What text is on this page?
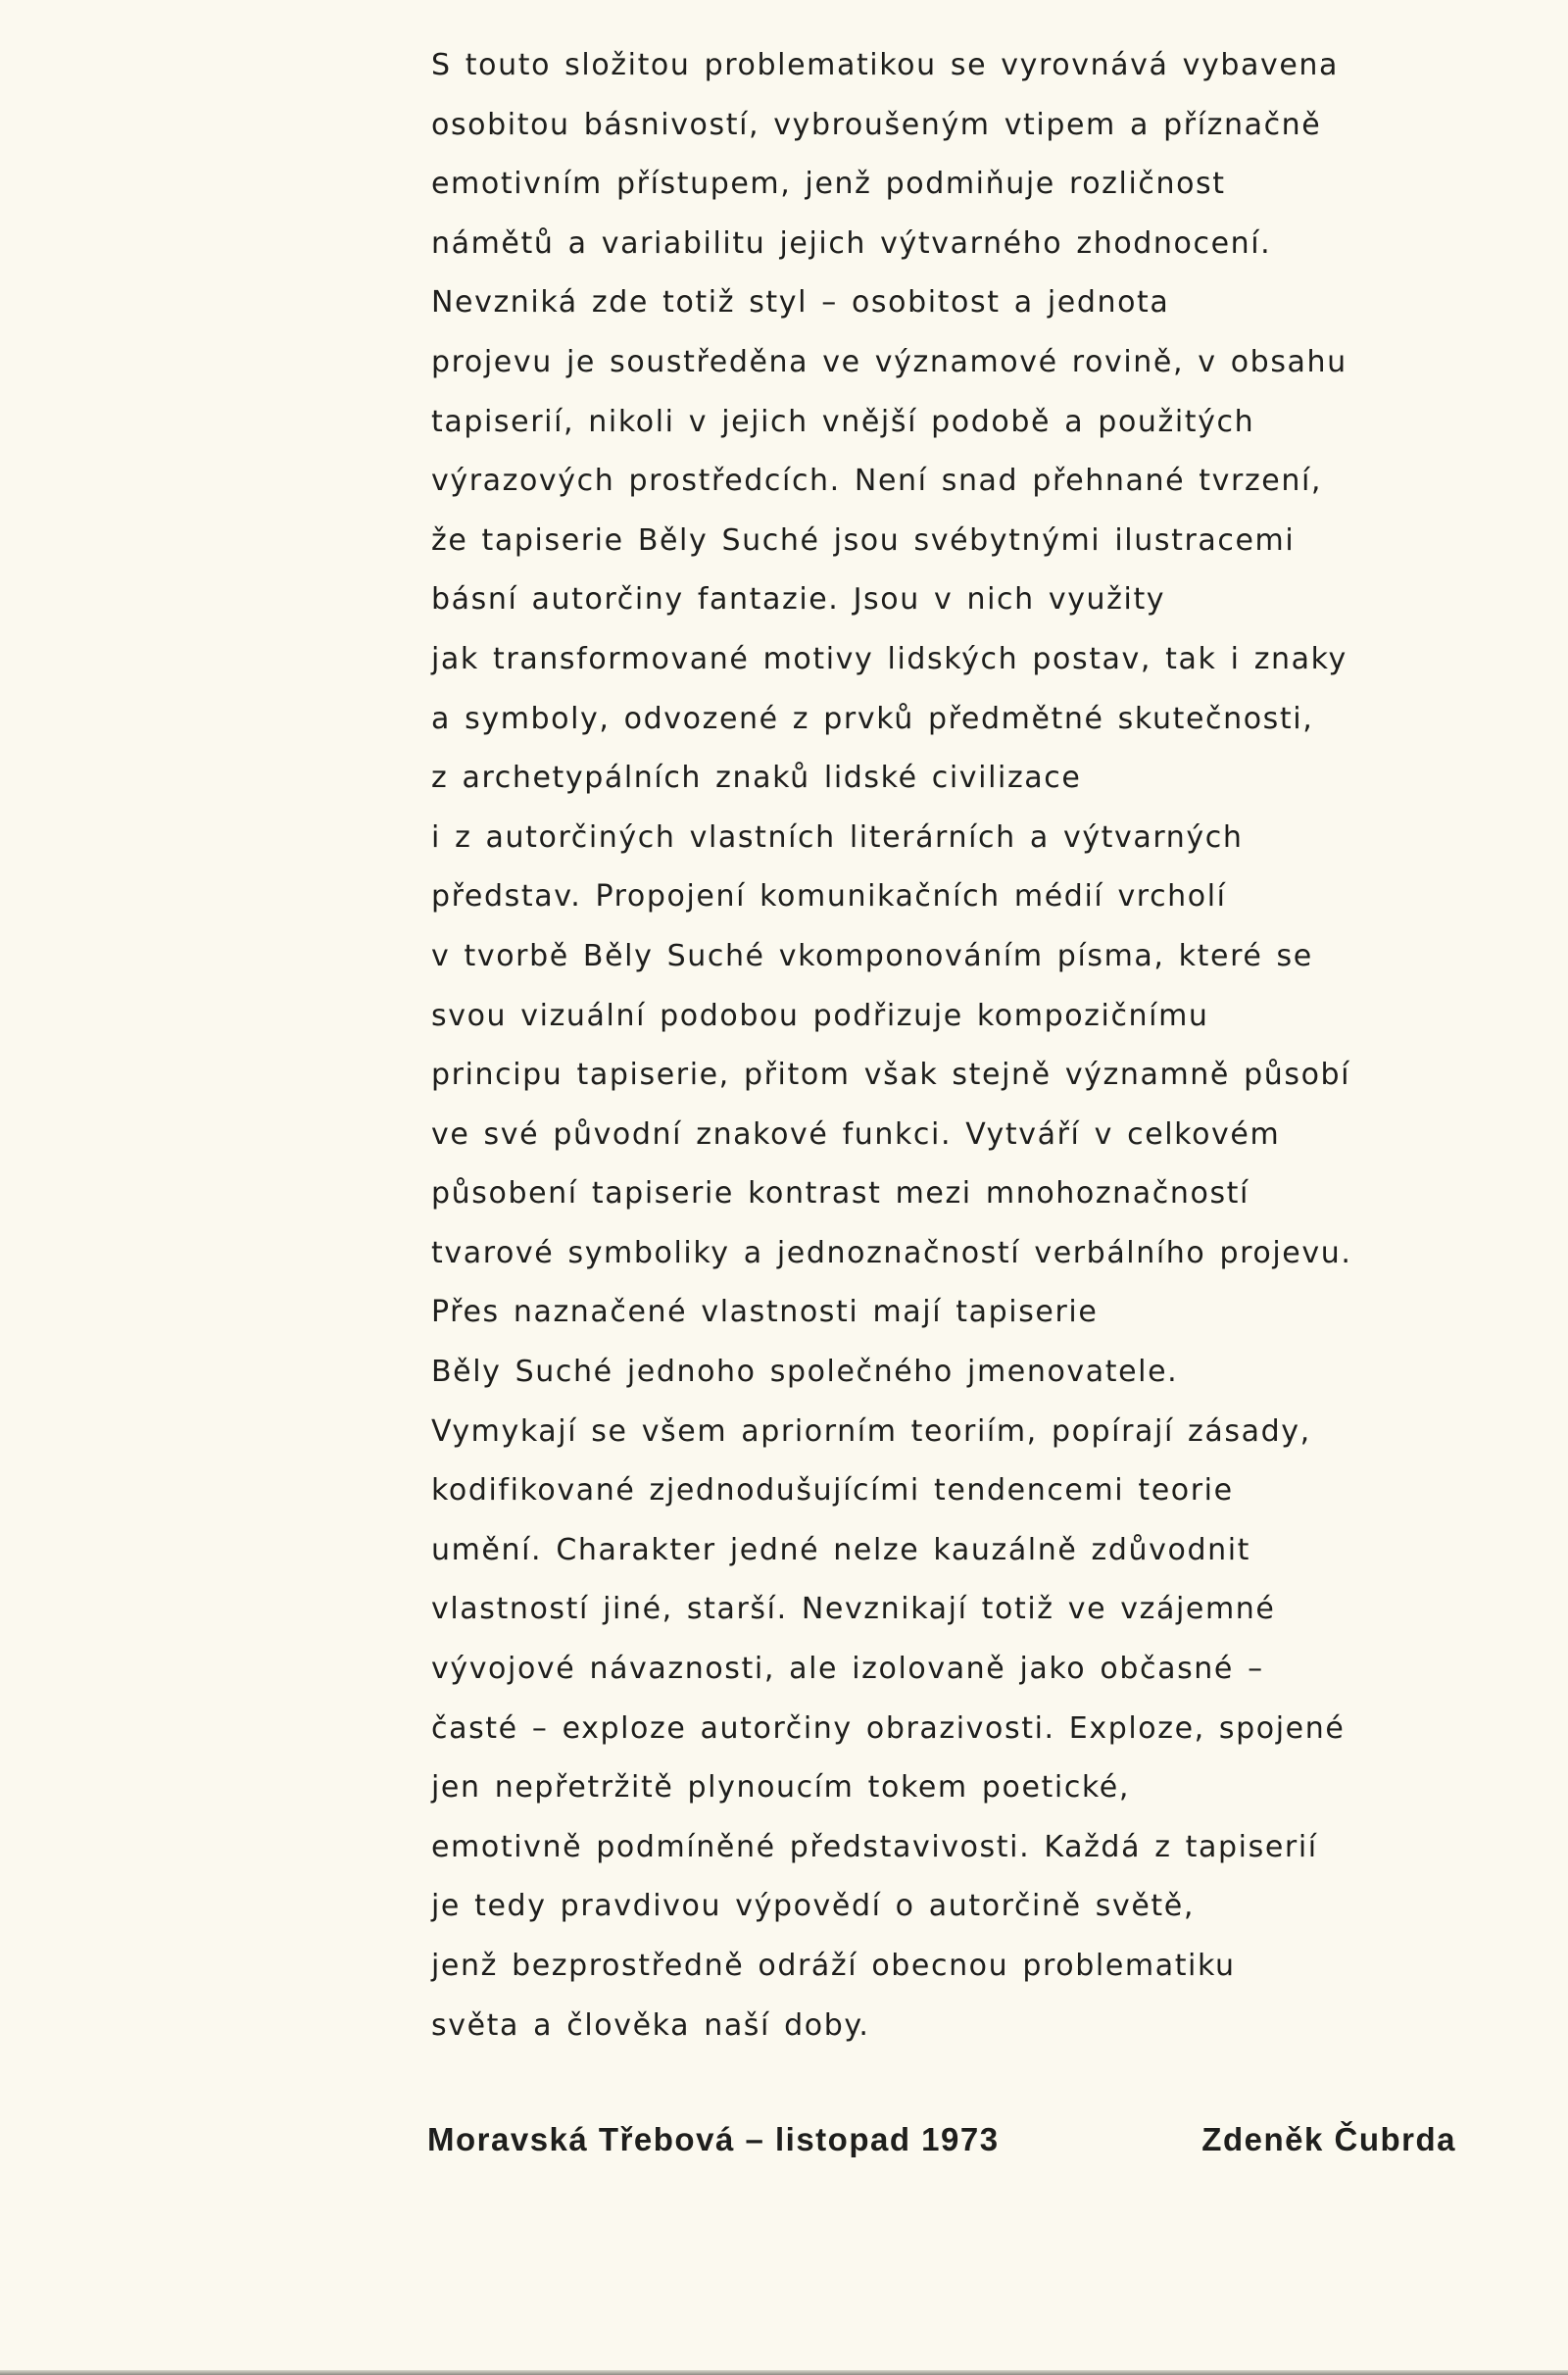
S touto složitou problematikou se vyrovnává vybavena
osobitou básnivostí, vybroušeným vtipem a příznačně
emotivním přístupem, jenž podmiňuje rozličnost
námětů a variabilitu jejich výtvarného zhodnocení.
Nevzniká zde totiž styl – osobitost a jednota
projevu je soustředěna ve významové rovině, v obsahu
tapiserií, nikoli v jejich vnější podobě a použitých
výrazových prostředcích. Není snad přehnané tvrzení,
že tapiserie Běly Suché jsou svébytnými ilustracemi
básní autorčiny fantazie. Jsou v nich využity
jak transformované motivy lidských postav, tak i znaky
a symboly, odvozené z prvků předmětné skutečnosti,
z archetypálních znaků lidské civilizace
i z autorčiných vlastních literárních a výtvarných
představ. Propojení komunikačních médií vrcholí
v tvorbě Běly Suché vkomponováním písma, které se
svou vizuální podobou podřizuje kompozičnímu
principu tapiserie, přitom však stejně významně působí
ve své původní znakové funkci. Vytváří v celkovém
působení tapiserie kontrast mezi mnohoznačností
tvarové symboliky a jednoznačností verbálního projevu.
Přes naznačené vlastnosti mají tapiserie
Běly Suché jednoho společného jmenovatele.
Vymykají se všem apriorním teoriím, popírají zásady,
kodifikované zjednodušujícími tendencemi teorie
umění. Charakter jedné nelze kauzálně zdůvodnit
vlastností jiné, starší. Nevznikají totiž ve vzájemné
vývojové návaznosti, ale izolovaně jako občasné –
časté – exploze autorčiny obrazivosti. Exploze, spojené
jen nepřetržitě plynoucím tokem poetické,
emotivně podmíněné představivosti. Každá z tapiserií
je tedy pravdivou výpovědí o autorčině světě,
jenž bezprostředně odráží obecnou problematiku
světa a člověka naší doby.
Moravská Třebová – listopad 1973	Zdeněk Čubrda
